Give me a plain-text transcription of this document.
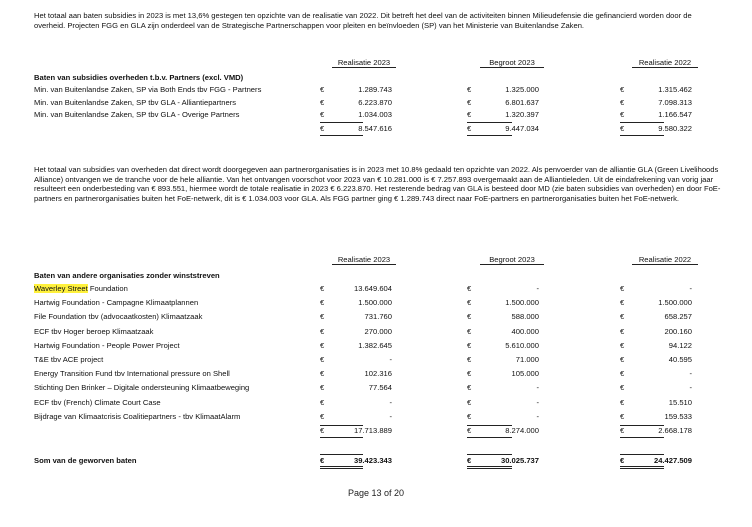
Het totaal aan baten subsidies in 2023 is met 13,6% gestegen ten opzichte van de realisatie van 2022. Dit betreft het deel van de activiteiten binnen Milieudefensie die gefinancierd worden door de overheid. Projecten FGG en GLA zijn onderdeel van de Strategische Partnerschappen voor pleiten en beïnvloeden (SP) van het Ministerie van Buitenlandse Zaken.

Realisatie 2023	Begroot 2023	Realisatie 2022
Baten van subsidies overheden t.b.v. Partners (excl. VMD)
Min. van Buitenlandse Zaken, SP via Both Ends tbv FGG - Partners	€	1.289.743	€	1.325.000	€	1.315.462
Min. van Buitenlandse Zaken, SP tbv GLA - Alliantiepartners	€	6.223.870	€	6.801.637	€	7.098.313
Min. van Buitenlandse Zaken, SP tbv GLA - Overige Partners	€	1.034.003	€	1.320.397	€	1.166.547
€	8.547.616	€	9.447.034	€	9.580.322

Het totaal van subsidies van overheden dat direct wordt doorgegeven aan partnerorganisaties is in 2023 met 10.8% gedaald ten opzichte van 2022. Als penvoerder van de alliantie GLA (Green Livelihoods Alliance) ontvangen we de tranche voor de hele alliantie. Van het ontvangen voorschot voor 2023 van € 10.281.000 is € 7.257.893 overgemaakt aan de Alliantieleden. Uit de eindafrekening van vorig jaar resulteert een onderbesteding van € 893.551, hiermee wordt de totale realisatie in 2023 € 6.223.870. Het resterende bedrag van GLA is besteed door MD (zie baten subsidies van overheden) en door FoE-partners en partnerorganisaties buiten het FoE-netwerk, dit is € 1.034.003 voor GLA. Als FGG partner ging € 1.289.743 direct naar FoE-partners en partnerorganisaties buiten het FoE-netwerk.

Realisatie 2023	Begroot 2023	Realisatie 2022
Baten van andere organisaties zonder winststreven
Waverley Street Foundation	€	13.649.604	€	-	€	-
Hartwig Foundation - Campagne Klimaatplannen	€	1.500.000	€	1.500.000	€	1.500.000
File Foundation tbv (advocaatkosten) Klimaatzaak	€	731.760	€	588.000	€	658.257
ECF tbv Hoger beroep Klimaatzaak	€	270.000	€	400.000	€	200.160
Hartwig Foundation - People Power Project	€	1.382.645	€	5.610.000	€	94.122
T&E tbv ACE project	€	-	€	71.000	€	40.595
Energy Transition Fund tbv International pressure on Shell	€	102.316	€	105.000	€	-
Stichting Den Brinker – Digitale ondersteuning Klimaatbeweging	€	77.564	€	-	€	-
ECF tbv (French) Climate Court Case	€	-	€	-	€	15.510
Bijdrage van Klimaatcrisis Coalitiepartners - tbv KlimaatAlarm	€	-	€	-	€	159.533
€	17.713.889	€	8.274.000	€	2.668.178
Som van de geworven baten	€	39.423.343	€	30.025.737	€	24.427.509
Page 13 of 20
